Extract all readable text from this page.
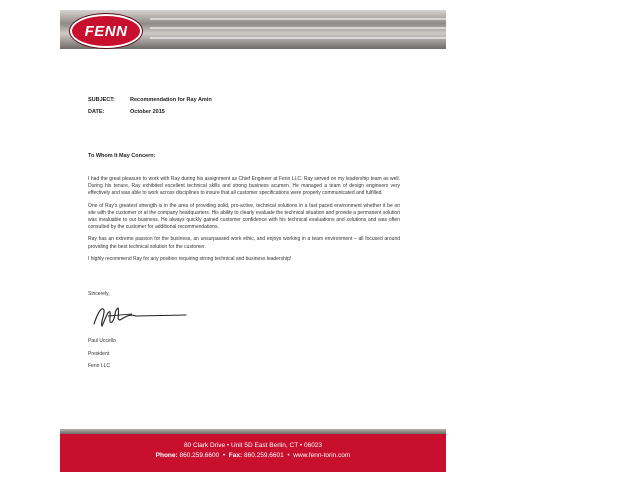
FENN
SUBJECT:	Recommendation for Ray Amin
DATE:	October 2015
To Whom It May Concern:

I had the great pleasure to work with Ray during his assignment as Chief Engineer at Fenn LLC. Ray served on my leadership team as well. During his tenure, Ray exhibited excellent technical skills and strong business acumen. He managed a team of design engineers very effectively and was able to work across disciplines to insure that all customer specifications were properly communicated and fulfilled.

One of Ray's greatest strength is in the area of providing solid, pro-active, technical solutions in a fast paced environment whether it be on site with the customer or at the company headquarters. His ability to clearly evaluate the technical situation and provide a permanent solution was invaluable to our business. He always quickly gained customer confidence with his technical evaluations and solutions and was often consulted by the customer for additional recommendations.

Ray has an extreme passion for the business, an unsurpassed work ethic, and enjoys working in a team environment – all focused around providing the best technical solution for the customer.

I highly recommend Ray for any position requiring strong technical and business leadership!

Sincerely,
Paul Uccello
President
Fenn LLC
80 Clark Drive • Unit 5D East Berlin, CT • 06023
Phone: 860.259.6600  •  Fax: 860.259.6601  •  www.fenn-torin.com
